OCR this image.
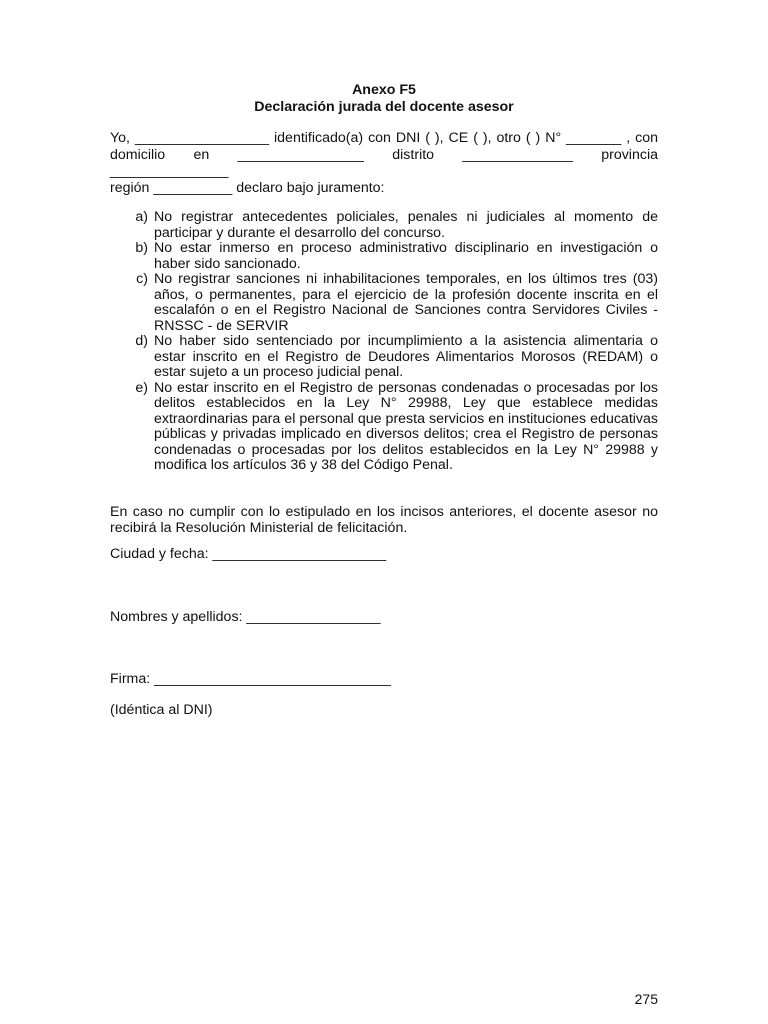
Anexo F5
Declaración jurada del docente asesor
Yo, _________________ identificado(a) con DNI ( ), CE ( ), otro ( ) N° _______ , con
domicilio en ________________ distrito ______________ provincia _______________
región __________ declaro bajo juramento:
a) No registrar antecedentes policiales, penales ni judiciales al momento de participar y durante el desarrollo del concurso.
b) No estar inmerso en proceso administrativo disciplinario en investigación o haber sido sancionado.
c) No registrar sanciones ni inhabilitaciones temporales, en los últimos tres (03) años, o permanentes, para el ejercicio de la profesión docente inscrita en el escalafón o en el Registro Nacional de Sanciones contra Servidores Civiles - RNSSC - de SERVIR
d) No haber sido sentenciado por incumplimiento a la asistencia alimentaria o estar inscrito en el Registro de Deudores Alimentarios Morosos (REDAM) o estar sujeto a un proceso judicial penal.
e) No estar inscrito en el Registro de personas condenadas o procesadas por los delitos establecidos en la Ley N° 29988, Ley que establece medidas extraordinarias para el personal que presta servicios en instituciones educativas públicas y privadas implicado en diversos delitos; crea el Registro de personas condenadas o procesadas por los delitos establecidos en la Ley N° 29988 y modifica los artículos 36 y 38 del Código Penal.
En caso no cumplir con lo estipulado en los incisos anteriores, el docente asesor no recibirá la Resolución Ministerial de felicitación.
Ciudad y fecha: ______________________
Nombres y apellidos: _________________
Firma: ______________________________
(Idéntica al DNI)
275
